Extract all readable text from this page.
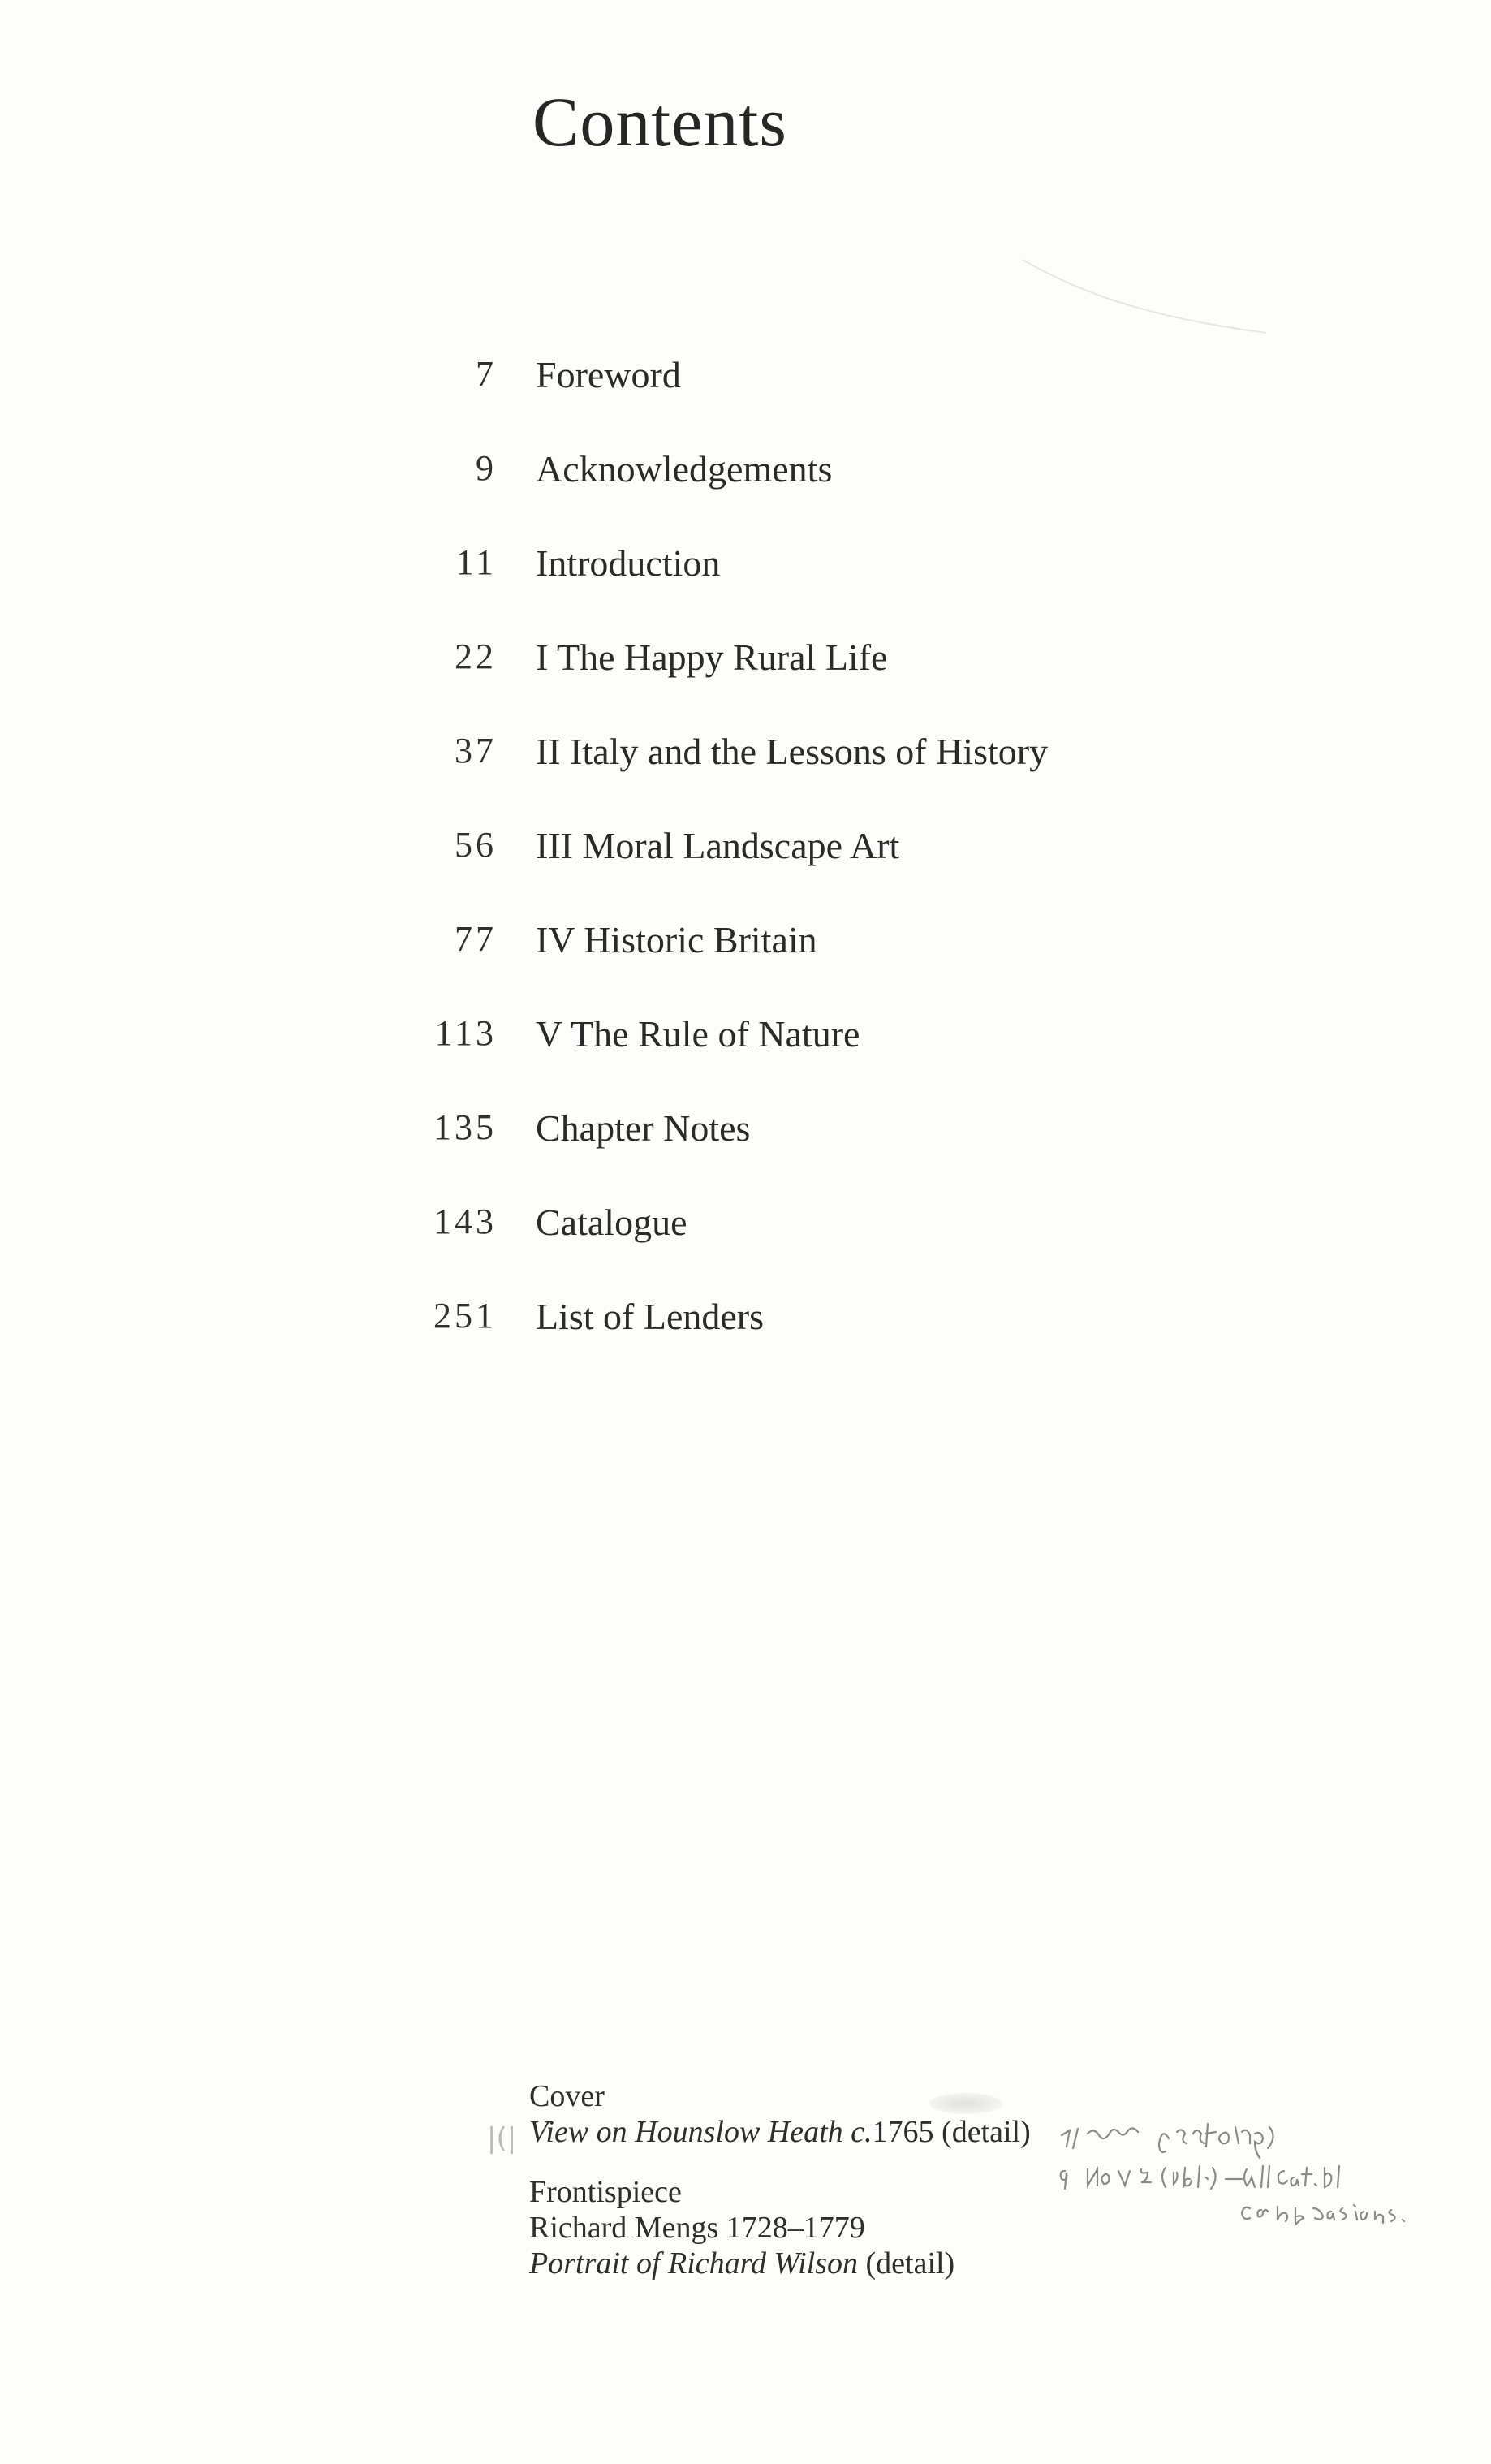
Contents
7 Foreword
9 Acknowledgements
11 Introduction
22 I The Happy Rural Life
37 II Italy and the Lessons of History
56 III Moral Landscape Art
77 IV Historic Britain
113 V The Rule of Nature
135 Chapter Notes
143 Catalogue
251 List of Lenders
|(|
Cover
View on Hounslow Heath c.1765 (detail)
Frontispiece
Richard Mengs 1728–1779
Portrait of Richard Wilson (detail)
